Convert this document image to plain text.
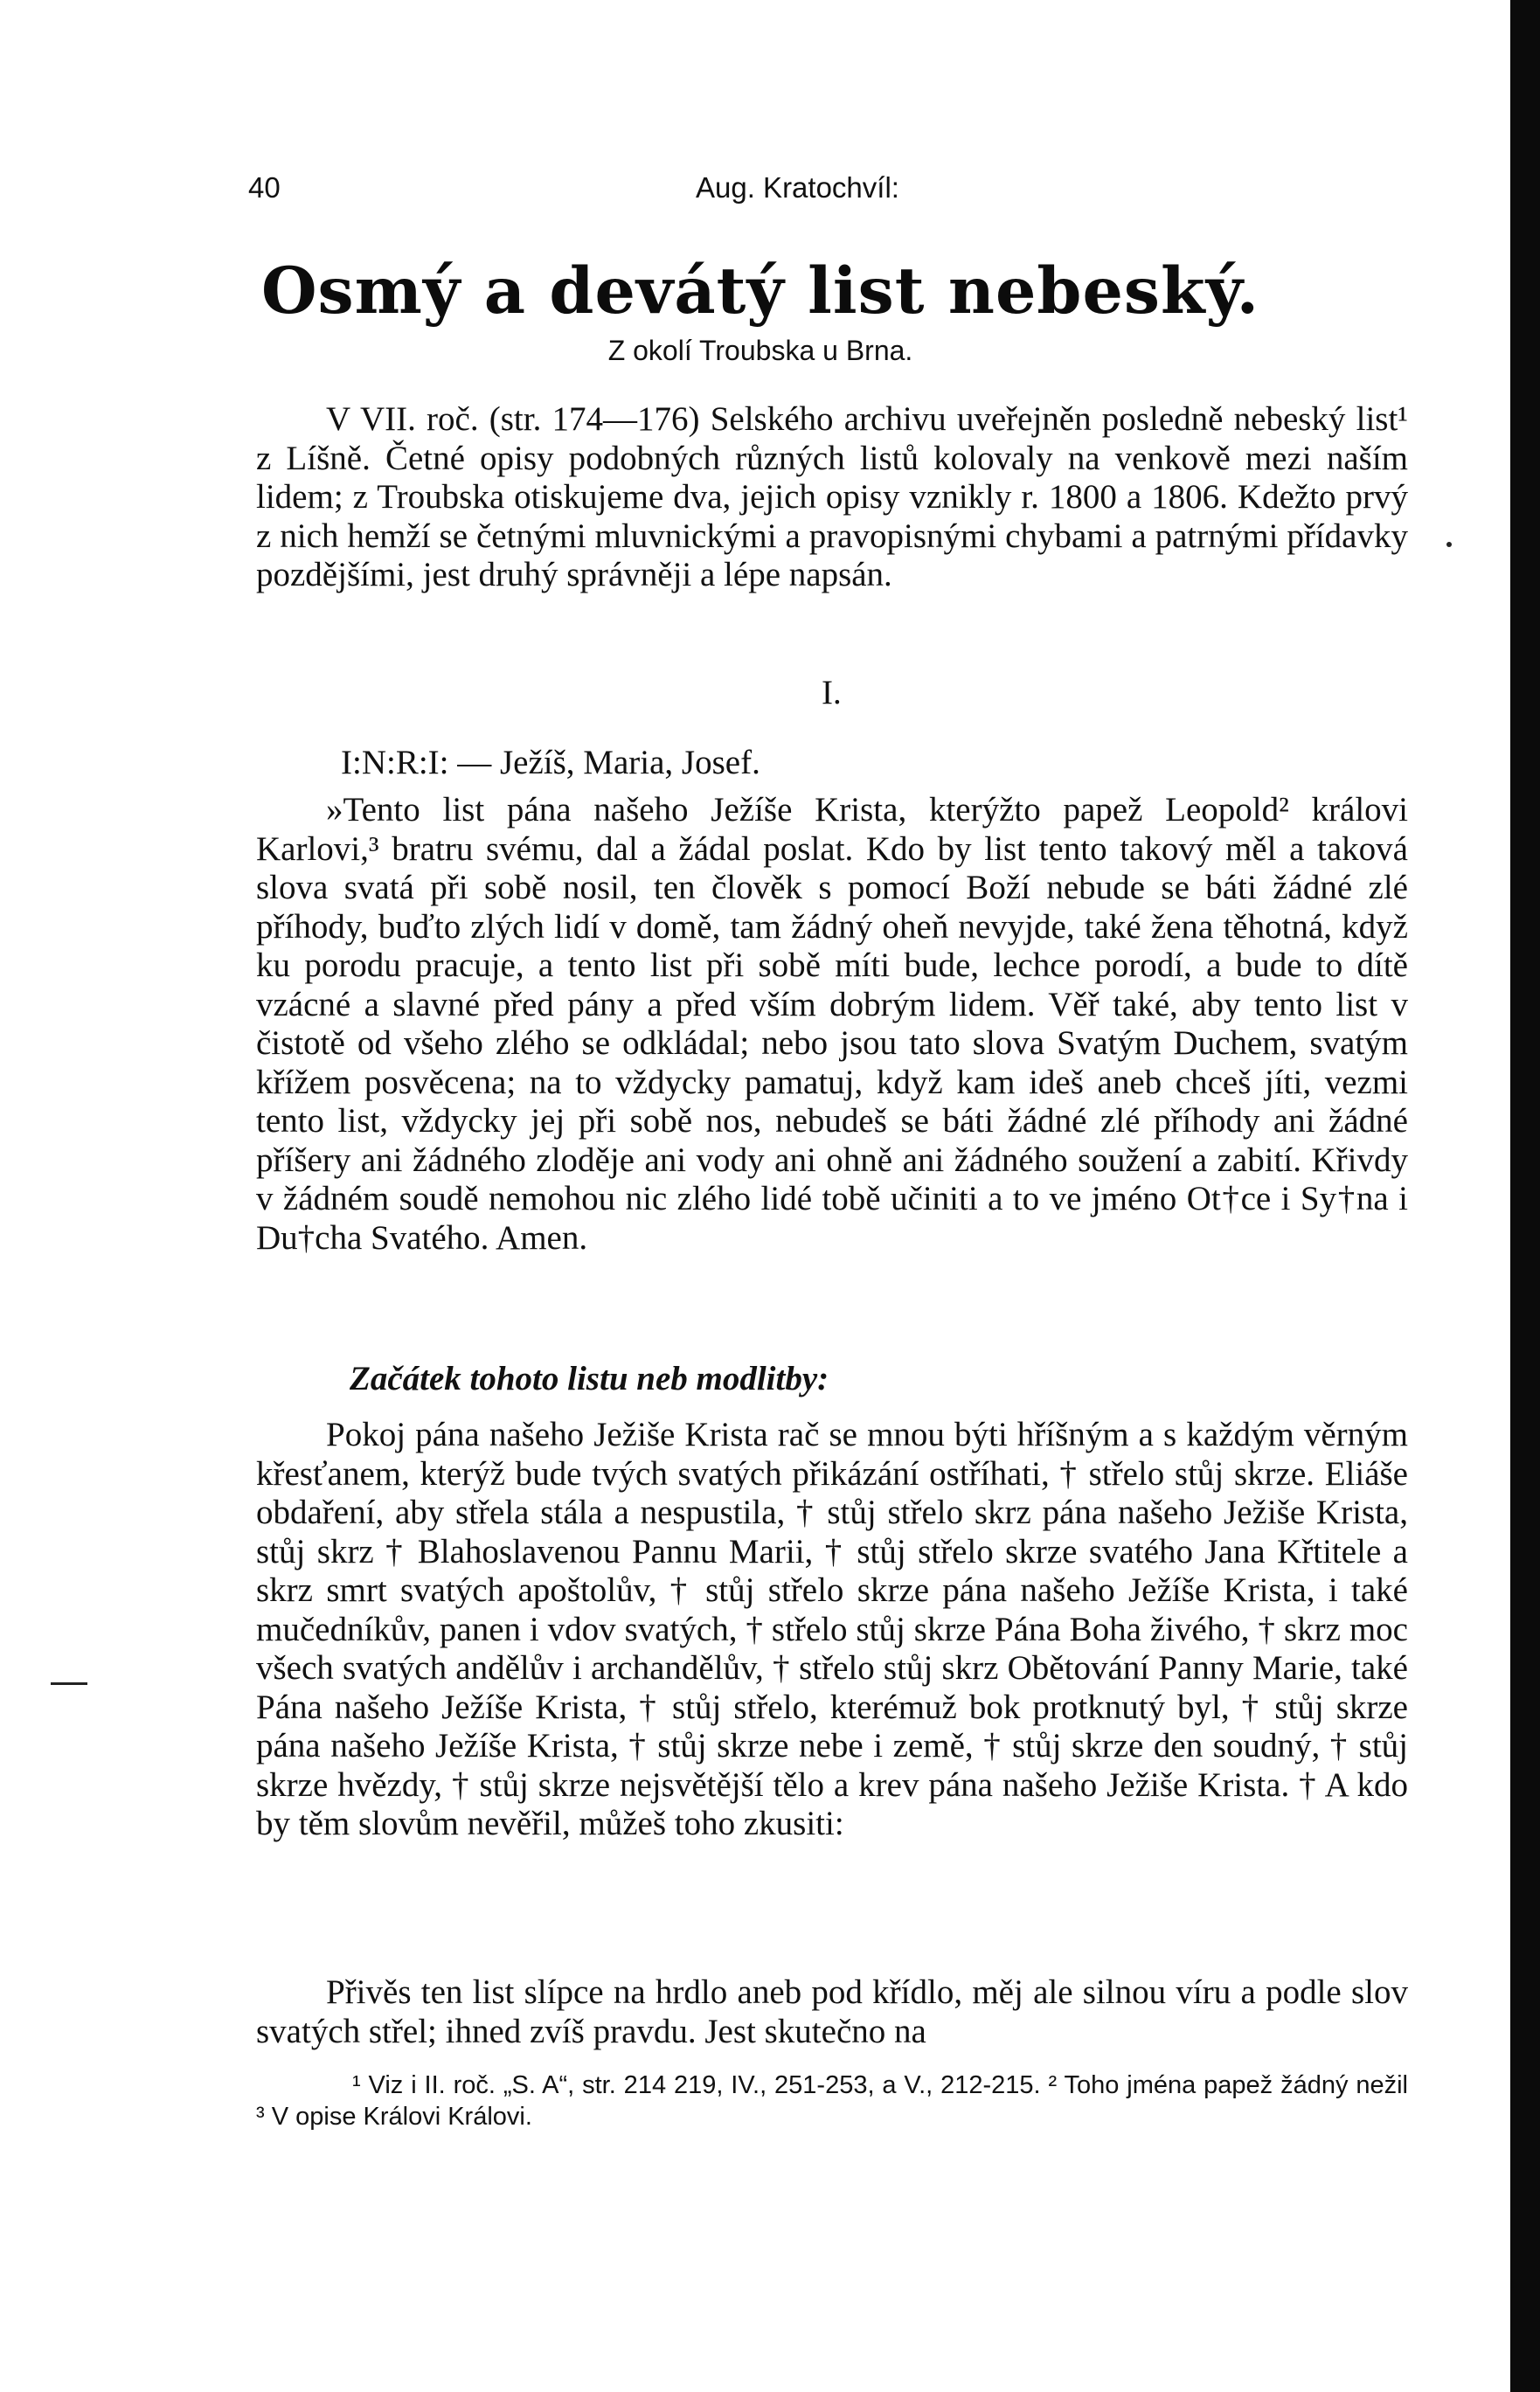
40	Aug. Kratochvíl:
Osmý a devátý list nebeský.
Z okolí Troubska u Brna.

V VII. roč. (str. 174—176) Selského archivu uveřejněn posledně nebeský list¹ z Líšně. Četné opisy podobných různých listů kolovaly na venkově mezi naším lidem; z Troubska otiskujeme dva, jejich opisy vznikly r. 1800 a 1806. Kdežto prvý z nich hemží se četnými mluvnickými a pravopisnými chybami a patrnými přídavky pozdějšími, jest druhý správněji a lépe napsán.

I.
I:N:R:I: — Ježíš, Maria, Josef.

»Tento list pána našeho Ježíše Krista, kterýžto papež Leopold² královi Karlovi,³ bratru svému, dal a žádal poslat. Kdo by list tento takový měl a taková slova svatá při sobě nosil, ten člověk s pomocí Boží nebude se báti žádné zlé příhody, buďto zlých lidí v domě, tam žádný oheň nevyjde, také žena těhotná, když ku porodu pracuje, a tento list při sobě míti bude, lechce porodí, a bude to dítě vzácné a slavné před pány a před vším dobrým lidem. Věř také, aby tento list v čistotě od všeho zlého se odkládal; nebo jsou tato slova Svatým Duchem, svatým křížem posvěcena; na to vždycky pamatuj, když kam ideš aneb chceš jíti, vezmi tento list, vždycky jej při sobě nos, nebudeš se báti žádné zlé příhody ani žádné příšery ani žádného zloděje ani vody ani ohně ani žádného soužení a zabití. Křivdy v žádném soudě nemohou nic zlého lidé tobě učiniti a to ve jméno Ot†ce i Sy†na i Du†cha Svatého. Amen.

Začátek tohoto listu neb modlitby:

Pokoj pána našeho Ježiše Krista rač se mnou býti hříšným a s každým věrným křesťanem, kterýž bude tvých svatých přikázání ostříhati, † střelo stůj skrze. Eliáše obdaření, aby střela stála a nespustila, † stůj střelo skrz pána našeho Ježiše Krista, stůj skrz † Blahoslavenou Pannu Marii, † stůj střelo skrze svatého Jana Křtitele a skrz smrt svatých apoštolův, † stůj střelo skrze pána našeho Ježíše Krista, i také mučedníkův, panen i vdov svatých, † střelo stůj skrze Pána Boha živého, † skrz moc všech svatých andělův i archandělův, † střelo stůj skrz Obětování Panny Marie, také Pána našeho Ježíše Krista, † stůj střelo, kterémuž bok protknutý byl, † stůj skrze pána našeho Ježíše Krista, † stůj skrze nebe i země, † stůj skrze den soudný, † stůj skrze hvězdy, † stůj skrze nejsvětější tělo a krev pána našeho Ježiše Krista. † A kdo by těm slovům nevěřil, můžeš toho zkusiti:

Přivěs ten list slípce na hrdlo aneb pod křídlo, měj ale silnou víru a podle slov svatých střel; ihned zvíš pravdu. Jest skutečno na

¹ Viz i II. roč. „S. A“, str. 214 219, IV., 251-253, a V., 212-215. ² Toho jména papež žádný nežil ³ V opise Královi Královi.
